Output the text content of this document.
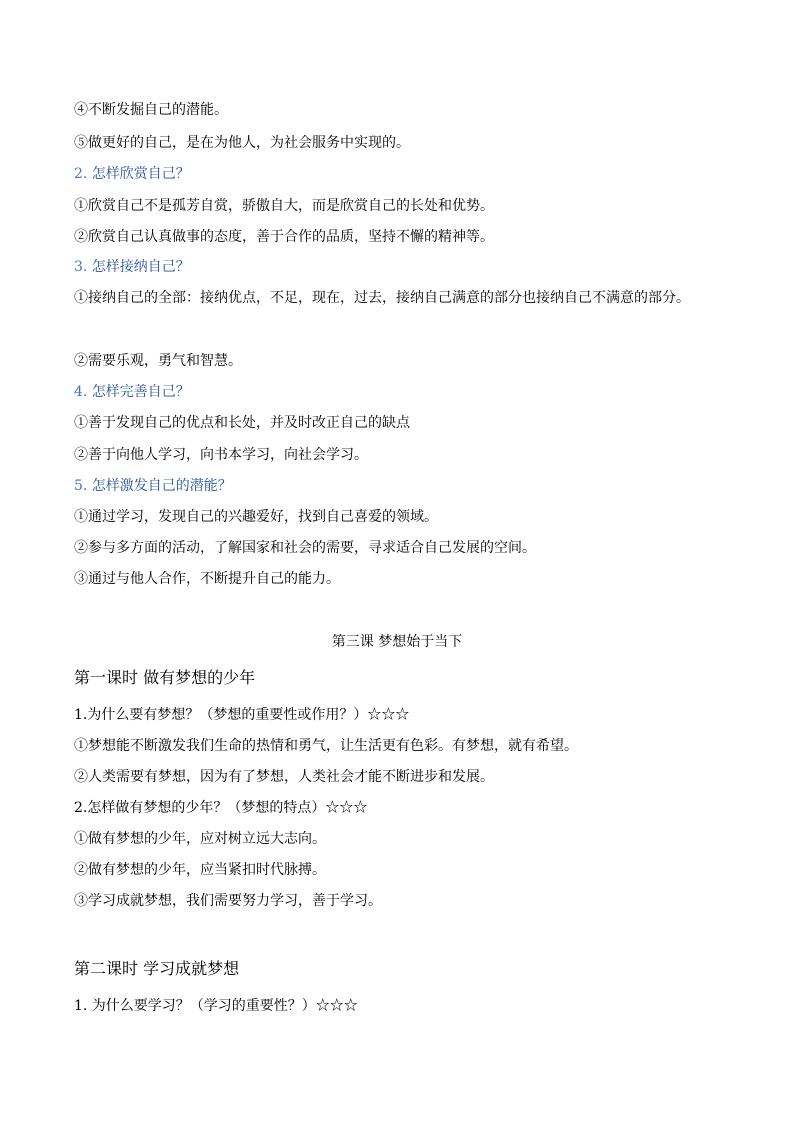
④不断发掘自己的潜能。
⑤做更好的自己，是在为他人，为社会服务中实现的。
2. 怎样欣赏自己？
①欣赏自己不是孤芳自赏，骄傲自大，而是欣赏自己的长处和优势。
②欣赏自己认真做事的态度，善于合作的品质，坚持不懈的精神等。
3. 怎样接纳自己？
①接纳自己的全部：接纳优点，不足，现在，过去，接纳自己满意的部分也接纳自己不满意的部分。
②需要乐观，勇气和智慧。
4. 怎样完善自己？
①善于发现自己的优点和长处，并及时改正自己的缺点
②善于向他人学习，向书本学习，向社会学习。
5. 怎样激发自己的潜能？
①通过学习，发现自己的兴趣爱好，找到自己喜爱的领域。
②参与多方面的活动，了解国家和社会的需要，寻求适合自己发展的空间。
③通过与他人合作，不断提升自己的能力。
第三课 梦想始于当下
第一课时 做有梦想的少年
1.为什么要有梦想？（梦想的重要性或作用？）☆☆☆
①梦想能不断激发我们生命的热情和勇气，让生活更有色彩。有梦想，就有希望。
②人类需要有梦想，因为有了梦想，人类社会才能不断进步和发展。
2.怎样做有梦想的少年？（梦想的特点）☆☆☆
①做有梦想的少年，应对树立远大志向。
②做有梦想的少年，应当紧扣时代脉搏。
③学习成就梦想，我们需要努力学习，善于学习。
第二课时 学习成就梦想
1. 为什么要学习？（学习的重要性？）☆☆☆
